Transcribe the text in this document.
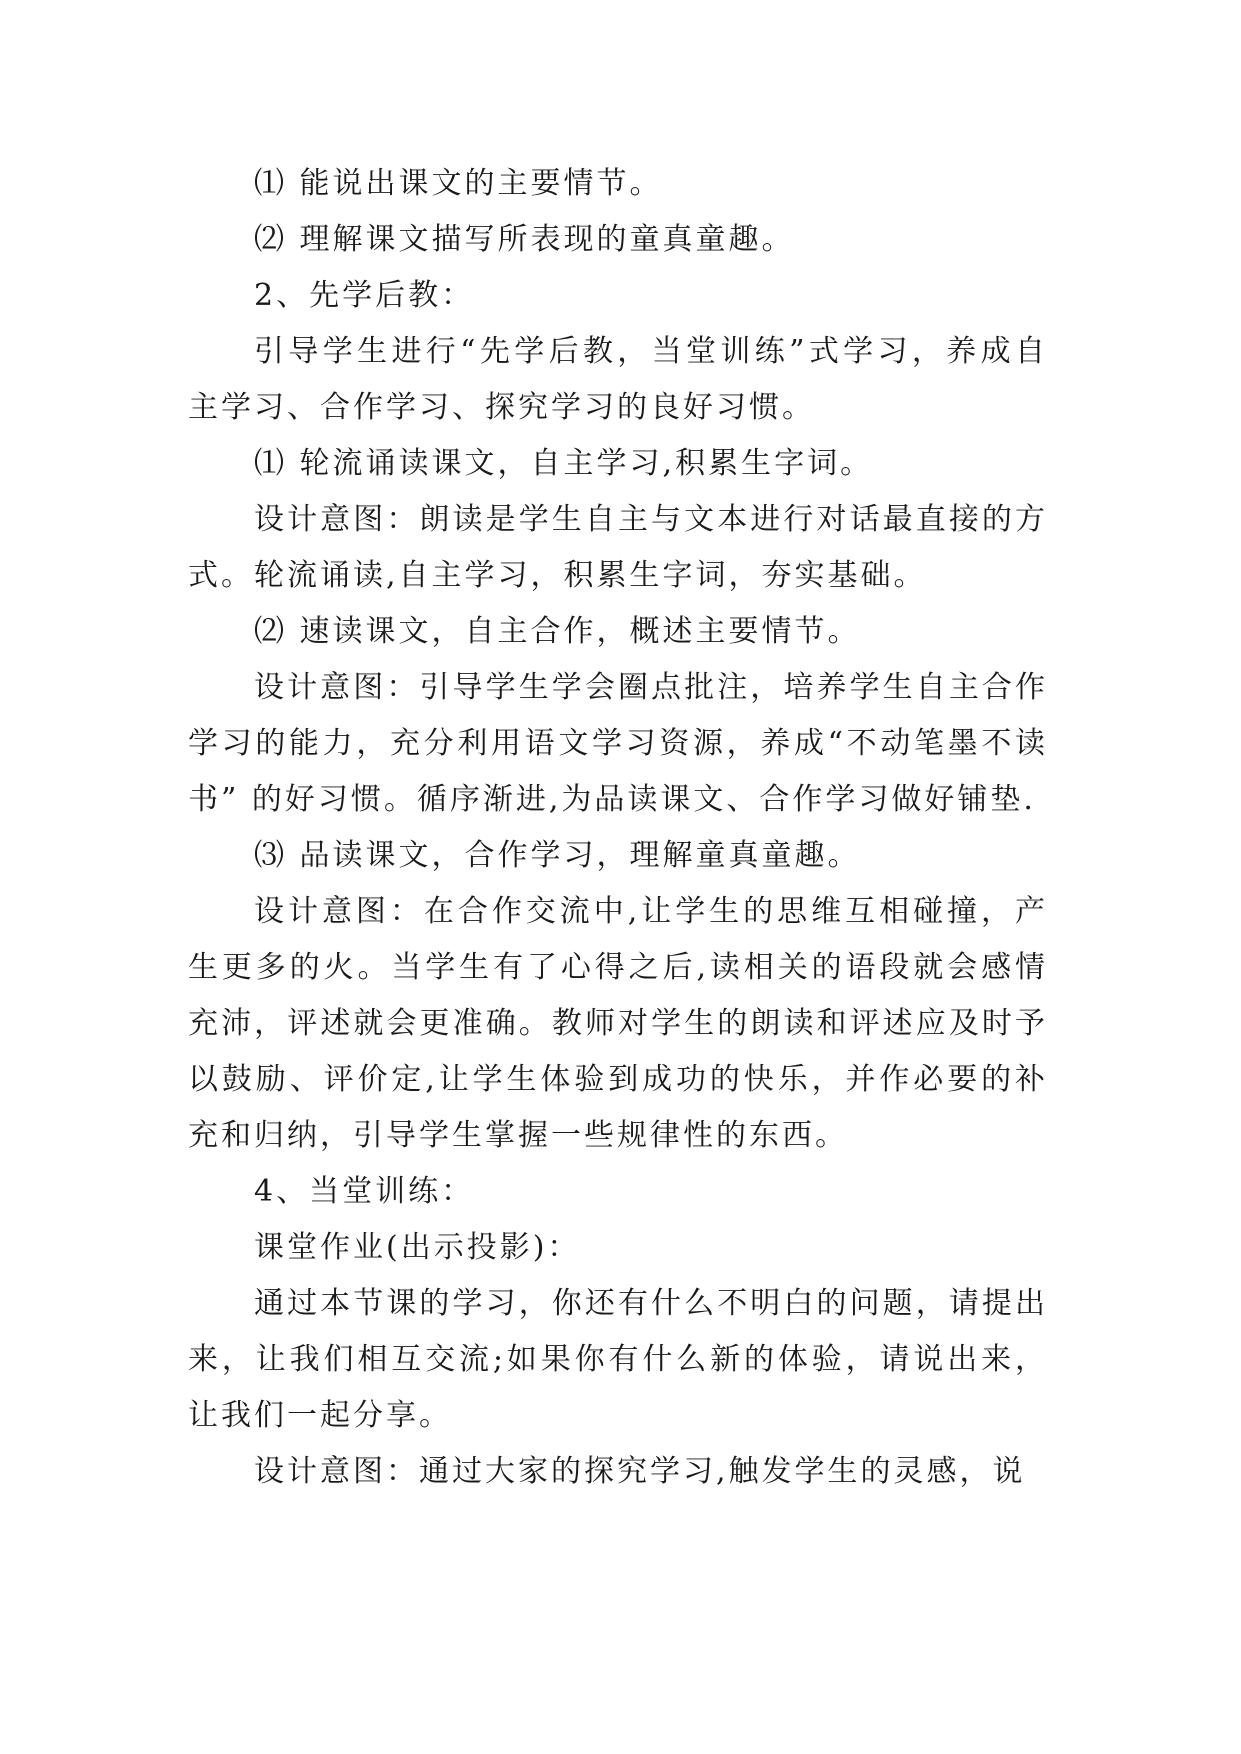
⑴ 能说出课文的主要情节。

⑵ 理解课文描写所表现的童真童趣。

2、先学后教：

引导学生进行“先学后教，当堂训练”式学习，养成自主学习、合作学习、探究学习的良好习惯。

⑴ 轮流诵读课文，自主学习,积累生字词。

设计意图：朗读是学生自主与文本进行对话最直接的方式。轮流诵读,自主学习，积累生字词，夯实基础。

⑵ 速读课文，自主合作，概述主要情节。

设计意图：引导学生学会圈点批注，培养学生自主合作学习的能力，充分利用语文学习资源，养成“不动笔墨不读书” 的好习惯。循序渐进,为品读课文、合作学习做好铺垫.

⑶ 品读课文，合作学习，理解童真童趣。

设计意图：在合作交流中,让学生的思维互相碰撞，产生更多的火。当学生有了心得之后,读相关的语段就会感情充沛，评述就会更准确。教师对学生的朗读和评述应及时予以鼓励、评价定,让学生体验到成功的快乐，并作必要的补充和归纳，引导学生掌握一些规律性的东西。

4、当堂训练：

课堂作业(出示投影)：

通过本节课的学习，你还有什么不明白的问题，请提出来，让我们相互交流;如果你有什么新的体验，请说出来，让我们一起分享。

设计意图：通过大家的探究学习,触发学生的灵感，说
